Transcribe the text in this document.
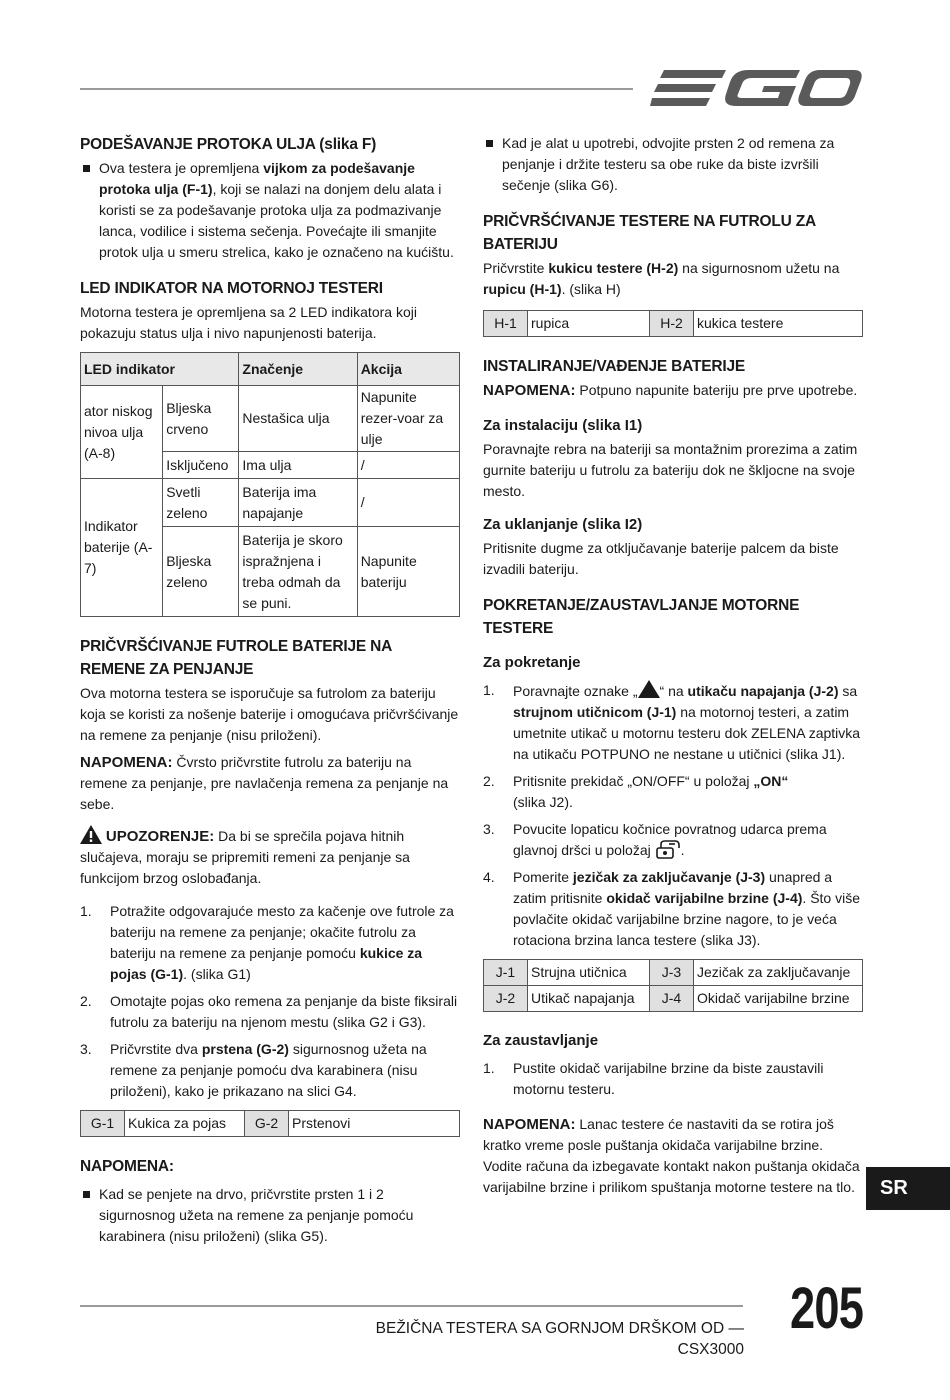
EGO
PODEŠAVANJE PROTOKA ULJA (slika F)
Ova testera je opremljena vijkom za podešavanje protoka ulja (F-1), koji se nalazi na donjem delu alata i koristi se za podešavanje protoka ulja za podmazivanje lanca, vodilice i sistema sečenja. Povećajte ili smanjite protok ulja u smeru strelica, kako je označeno na kućištu.
LED INDIKATOR NA MOTORNOJ TESTERI

Motorna testera je opremljena sa 2 LED indikatora koji pokazuju status ulja i nivo napunjenosti baterija.

LED indikator		Značenje	Akcija
ator niskog nivoa ulja (A-8)	Bljeska crveno	Nestašica ulja	Napunite rezer-voar za ulje
	Isključeno	Ima ulja	/
Indikator baterije (A-7)	Svetli zeleno	Baterija ima napajanje	/
	Bljeska zeleno	Baterija je skoro ispražnjena i treba odmah da se puni.	Napunite bateriju
PRIČVRŠĆIVANJE FUTROLE BATERIJE NA REMENE ZA PENJANJE

Ova motorna testera se isporučuje sa futrolom za bateriju koja se koristi za nošenje baterije i omogućava pričvršćivanje na remene za penjanje (nisu priloženi).

NAPOMENA: Čvrsto pričvrstite futrolu za bateriju na remene za penjanje, pre navlačenja remena za penjanje na sebe.

UPOZORENJE: Da bi se sprečila pojava hitnih slučajeva, moraju se pripremiti remeni za penjanje sa funkcijom brzog oslobađanja.

1. Potražite odgovarajuće mesto za kačenje ove futrole za bateriju na remene za penjanje; okačite futrolu za bateriju na remene za penjanje pomoću kukice za pojas (G-1). (slika G1)
2. Omotajte pojas oko remena za penjanje da biste fiksirali futrolu za bateriju na njenom mestu (slika G2 i G3).
3. Pričvrstite dva prstena (G-2) sigurnosnog užeta na remene za penjanje pomoću dva karabinera (nisu priloženi), kako je prikazano na slici G4.
G-1	Kukica za pojas	G-2	Prstenovi
NAPOMENA:
Kad se penjete na drvo, pričvrstite prsten 1 i 2 sigurnosnog užeta na remene za penjanje pomoću karabinera (nisu priloženi) (slika G5).
Kad je alat u upotrebi, odvojite prsten 2 od remena za penjanje i držite testeru sa obe ruke da biste izvršili sečenje (slika G6).
PRIČVRŠĆIVANJE TESTERE NA FUTROLU ZA BATERIJU

Pričvrstite kukicu testere (H-2) na sigurnosnom užetu na rupicu (H-1). (slika H)

H-1	rupica	H-2	kukica testere
INSTALIRANJE/VAĐENJE BATERIJE

NAPOMENA: Potpuno napunite bateriju pre prve upotrebe.

Za instalaciju (slika I1)

Poravnajte rebra na bateriji sa montažnim prorezima a zatim gurnite bateriju u futrolu za bateriju dok ne škljocne na svoje mesto.

Za uklanjanje (slika I2)

Pritisnite dugme za otključavanje baterije palcem da biste izvadili bateriju.

POKRETANJE/ZAUSTAVLJANJE MOTORNE TESTERE
Za pokretanje
1. Poravnajte oznake „ “ na utikaču napajanja (J-2) sa strujnom utičnicom (J-1) na motornoj testeri, a zatim umetnite utikač u motornu testeru dok ZELENA zaptivka na utikaču POTPUNO ne nestane u utičnici (slika J1).
2. Pritisnite prekidač „ON/OFF“ u položaj „ON“
(slika J2).
3. Povucite lopaticu kočnice povratnog udarca prema glavnoj dršci u položaj .
4. Pomerite jezičak za zaključavanje (J-3) unapred a zatim pritisnite okidač varijabilne brzine (J-4). Što više povlačite okidač varijabilne brzine nagore, to je veća rotaciona brzina lanca testere (slika J3).
J-1	Strujna utičnica	J-3	Jezičak za zaključavanje
J-2	Utikač napajanja	J-4	Okidač varijabilne brzine
Za zaustavljanje
1. Pustite okidač varijabilne brzine da biste zaustavili motornu testeru.

NAPOMENA: Lanac testere će nastaviti da se rotira još kratko vreme posle puštanja okidača varijabilne brzine. Vodite računa da izbegavate kontakt nakon puštanja okidača varijabilne brzine i prilikom spuštanja motorne testere na tlo.	SR
BEŽIČNA TESTERA SA GORNJOM DRŠKOM OD — CSX3000
205
